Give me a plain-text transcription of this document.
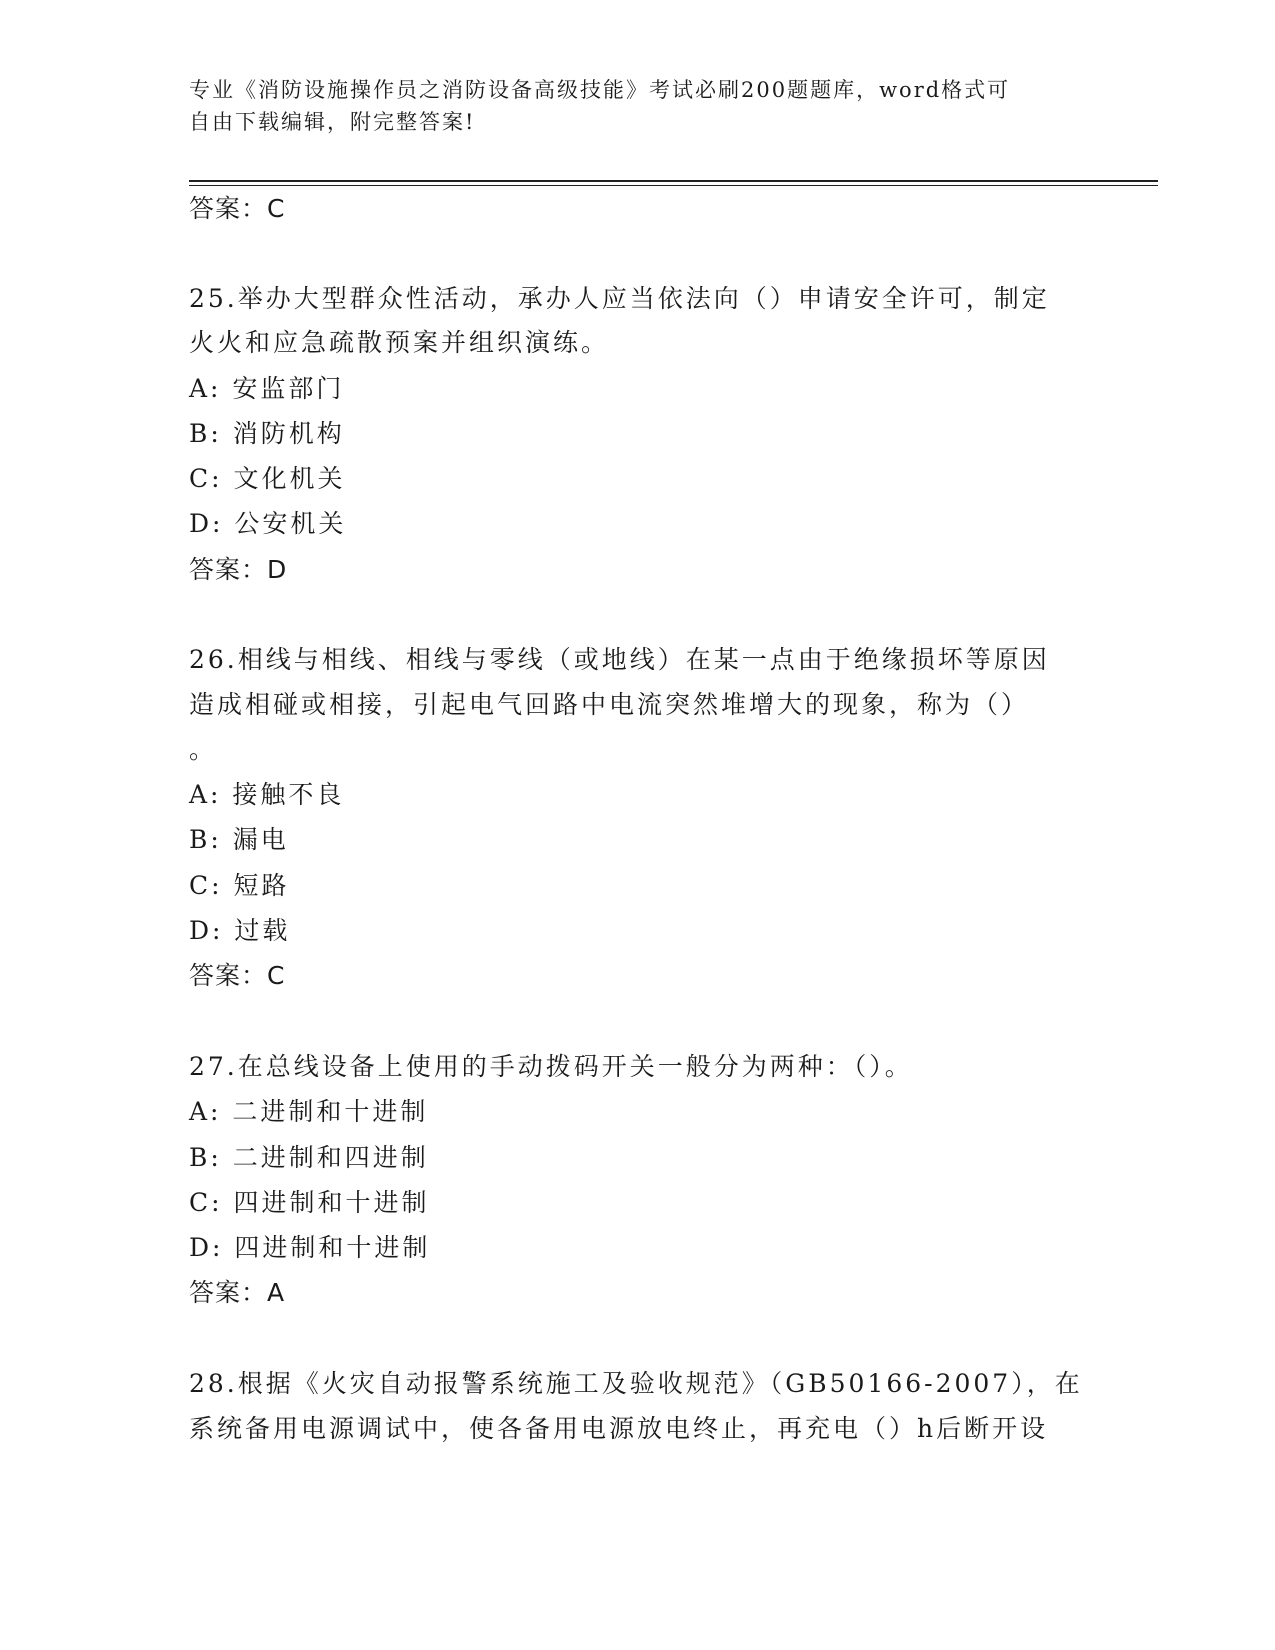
专业《消防设施操作员之消防设备高级技能》考试必刷200题题库，word格式可
自由下载编辑，附完整答案!
答案：C
25.举办大型群众性活动，承办人应当依法向（）申请安全许可，制定
火火和应急疏散预案并组织演练。
A: 安监部门
B: 消防机构
C: 文化机关
D: 公安机关
答案：D
26.相线与相线、相线与零线（或地线）在某一点由于绝缘损坏等原因
造成相碰或相接，引起电气回路中电流突然堆增大的现象，称为（）
。
A: 接触不良
B: 漏电
C: 短路
D: 过载
答案：C
27.在总线设备上使用的手动拨码开关一般分为两种：（）。
A: 二进制和十进制
B: 二进制和四进制
C: 四进制和十进制
D: 四进制和十进制
答案：A
28.根据《火灾自动报警系统施工及验收规范》（GB50166-2007），在
系统备用电源调试中，使各备用电源放电终止，再充电（）h后断开设
